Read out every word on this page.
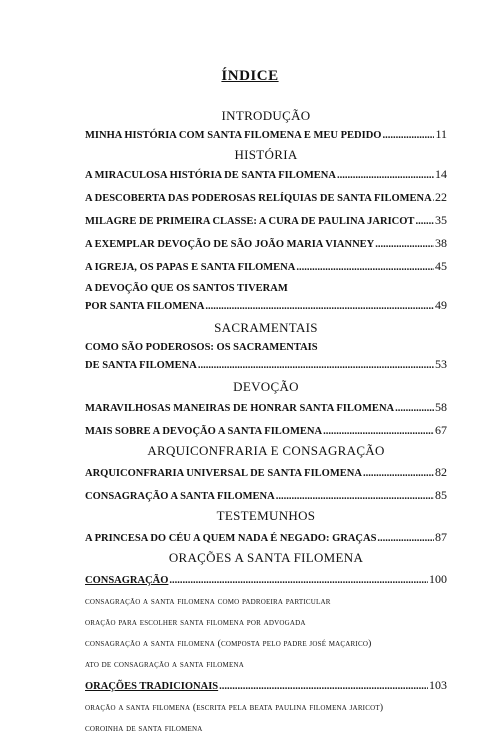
ÍNDICE
INTRODUÇÃO
MINHA HISTÓRIA COM SANTA FILOMENA E MEU PEDIDO .....	11
HISTÓRIA
A MIRACULOSA HISTÓRIA DE SANTA FILOMENA .....	14
A DESCOBERTA DAS PODEROSAS RELÍQUIAS DE SANTA FILOMENA ..... 22
MILAGRE DE PRIMEIRA CLASSE: A CURA DE PAULINA JARICOT ..... 35
A EXEMPLAR DEVOÇÃO DE SÃO JOÃO MARIA VIANNEY .....	38
A IGREJA, OS PAPAS E SANTA FILOMENA .....	45
A DEVOÇÃO QUE OS SANTOS TIVERAM
POR SANTA FILOMENA .....	49
SACRAMENTAIS
COMO SÃO PODEROSOS: OS SACRAMENTAIS
DE SANTA FILOMENA .....	53
DEVOÇÃO
MARAVILHOSAS MANEIRAS DE HONRAR SANTA FILOMENA .....	58
MAIS SOBRE A DEVOÇÃO A SANTA FILOMENA .....	67
ARQUICONFRARIA E CONSAGRAÇÃO
ARQUICONFRARIA UNIVERSAL DE SANTA FILOMENA .....	82
CONSAGRAÇÃO A SANTA FILOMENA .....	85
TESTEMUNHOS
A PRINCESA DO CÉU A QUEM NADA É NEGADO: GRAÇAS .....	87
ORAÇÕES A SANTA FILOMENA
CONSAGRAÇÃO .....	100
consagração a santa filomena como padroeira particular
oração para escolher santa filomena por advogada
consagração a santa filomena (composta pelo padre josé maçarico)
ato de consagração a santa filomena
ORAÇÕES TRADICIONAIS .....	103
oração a santa filomena (escrita pela beata paulina filomena jaricot)
coroinha de santa filomena
